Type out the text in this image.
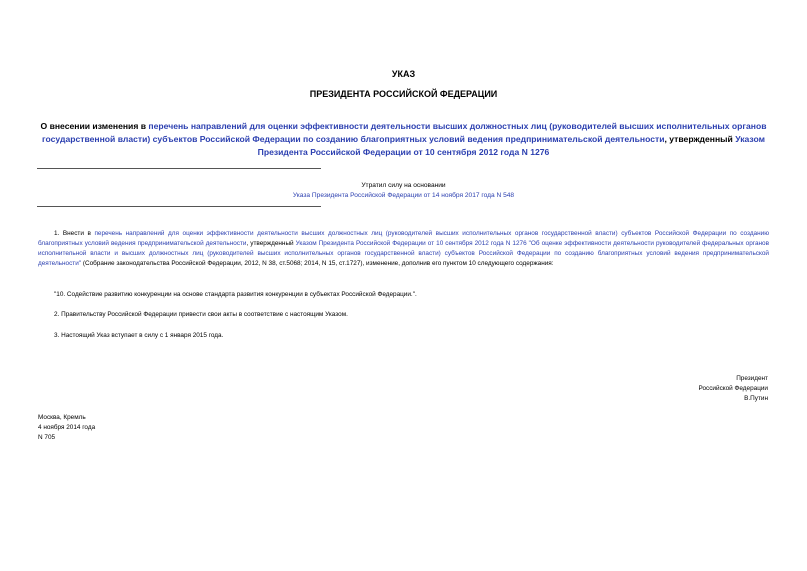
УКАЗ
ПРЕЗИДЕНТА РОССИЙСКОЙ ФЕДЕРАЦИИ
О внесении изменения в перечень направлений для оценки эффективности деятельности высших должностных лиц (руководителей высших исполнительных органов государственной власти) субъектов Российской Федерации по созданию благоприятных условий ведения предпринимательской деятельности, утвержденный Указом Президента Российской Федерации от 10 сентября 2012 года N 1276
Утратил силу на основании
Указа Президента Российской Федерации от 14 ноября 2017 года N 548
1. Внести в перечень направлений для оценки эффективности деятельности высших должностных лиц (руководителей высших исполнительных органов государственной власти) субъектов Российской Федерации по созданию благоприятных условий ведения предпринимательской деятельности, утвержденный Указом Президента Российской Федерации от 10 сентября 2012 года N 1276 "Об оценке эффективности деятельности руководителей федеральных органов исполнительной власти и высших должностных лиц (руководителей высших исполнительных органов государственной власти) субъектов Российской Федерации по созданию благоприятных условий ведения предпринимательской деятельности" (Собрание законодательства Российской Федерации, 2012, N 38, ст.5068; 2014, N 15, ст.1727), изменение, дополнив его пунктом 10 следующего содержания:
"10. Содействие развитию конкуренции на основе стандарта развития конкуренции в субъектах Российской Федерации.".
2. Правительству Российской Федерации привести свои акты в соответствие с настоящим Указом.
3. Настоящий Указ вступает в силу с 1 января 2015 года.
Президент
Российской Федерации
В.Путин
Москва, Кремль
4 ноября 2014 года
N 705
